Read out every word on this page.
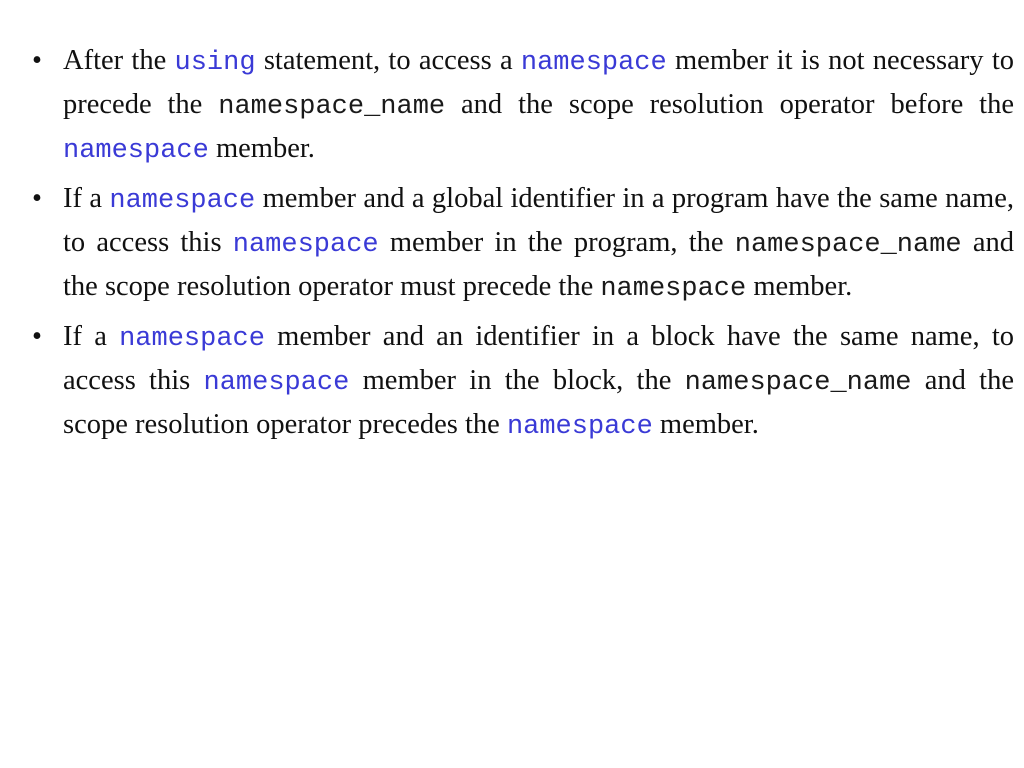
• After the using statement, to access a namespace member it is not necessary to precede the namespace_name and the scope resolution operator before the namespace member.
• If a namespace member and a global identifier in a program have the same name, to access this namespace member in the program, the namespace_name and the scope resolution operator must precede the namespace member.
• If a namespace member and an identifier in a block have the same name, to access this namespace member in the block, the namespace_name and the scope resolution operator precedes the namespace member.
